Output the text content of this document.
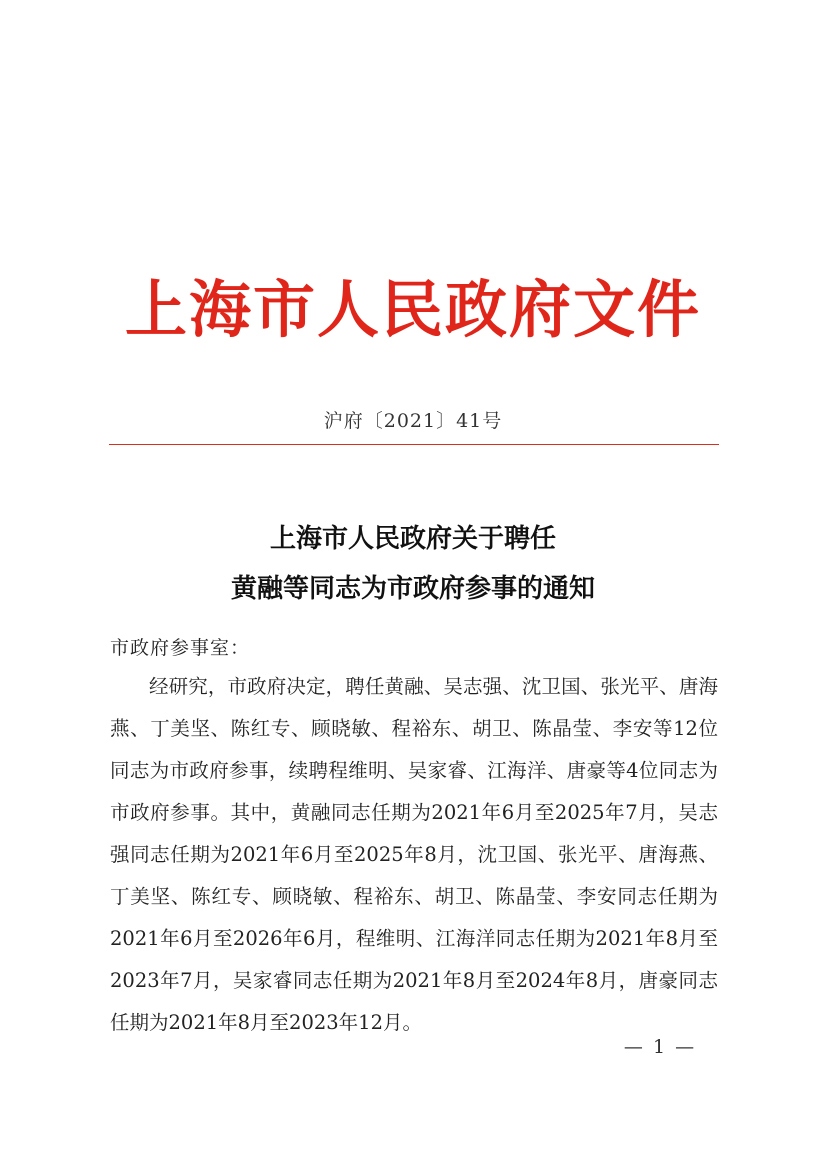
上海市人民政府文件
沪府〔2021〕41号
上海市人民政府关于聘任
黄融等同志为市政府参事的通知
市政府参事室：
经研究，市政府决定，聘任黄融、吴志强、沈卫国、张光平、唐海燕、丁美坚、陈红专、顾晓敏、程裕东、胡卫、陈晶莹、李安等12位同志为市政府参事，续聘程维明、吴家睿、江海洋、唐豪等4位同志为市政府参事。其中，黄融同志任期为2021年6月至2025年7月，吴志强同志任期为2021年6月至2025年8月，沈卫国、张光平、唐海燕、丁美坚、陈红专、顾晓敏、程裕东、胡卫、陈晶莹、李安同志任期为2021年6月至2026年6月，程维明、江海洋同志任期为2021年8月至2023年7月，吴家睿同志任期为2021年8月至2024年8月，唐豪同志任期为2021年8月至2023年12月。
— 1 —
